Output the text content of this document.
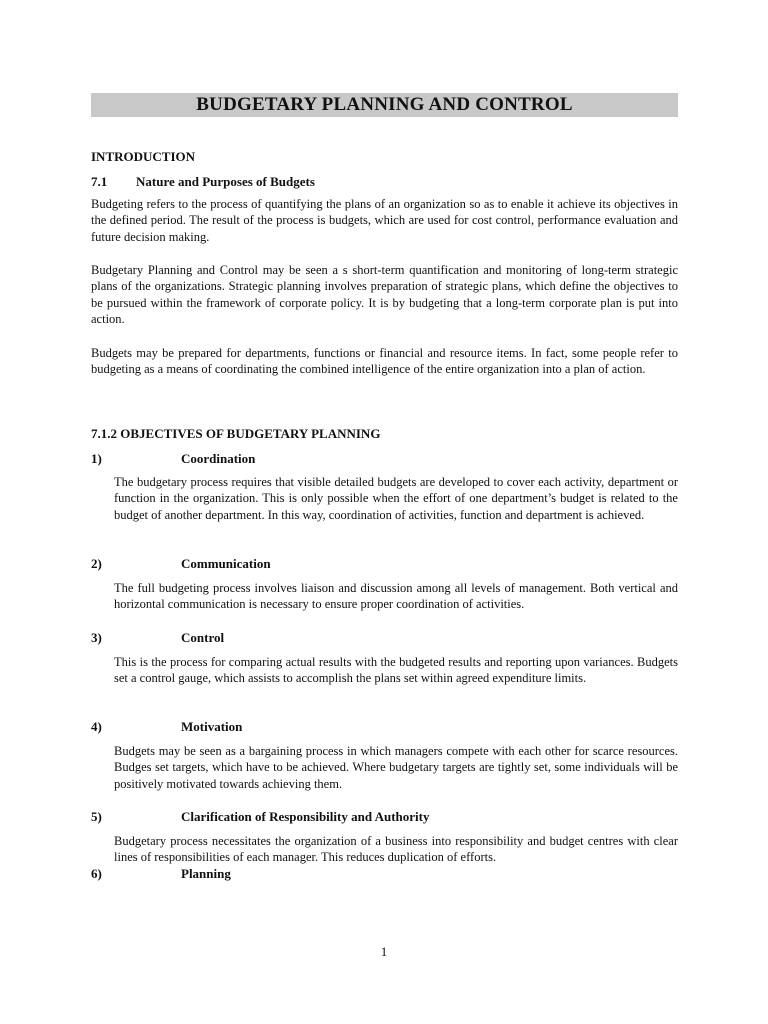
BUDGETARY PLANNING AND CONTROL
INTRODUCTION
7.1 Nature and Purposes of Budgets
Budgeting refers to the process of quantifying the plans of an organization so as to enable it achieve its objectives in the defined period. The result of the process is budgets, which are used for cost control, performance evaluation and future decision making.
Budgetary Planning and Control may be seen a s short-term quantification and monitoring of long-term strategic plans of the organizations. Strategic planning involves preparation of strategic plans, which define the objectives to be pursued within the framework of corporate policy. It is by budgeting that a long-term corporate plan is put into action.
Budgets may be prepared for departments, functions or financial and resource items. In fact, some people refer to budgeting as a means of coordinating the combined intelligence of the entire organization into a plan of action.
7.1.2 OBJECTIVES OF BUDGETARY PLANNING
1)	Coordination
The budgetary process requires that visible detailed budgets are developed to cover each activity, department or function in the organization. This is only possible when the effort of one department’s budget is related to the budget of another department. In this way, coordination of activities, function and department is achieved.
2)	Communication
The full budgeting process involves liaison and discussion among all levels of management. Both vertical and horizontal communication is necessary to ensure proper coordination of activities.
3)	Control
This is the process for comparing actual results with the budgeted results and reporting upon variances. Budgets set a control gauge, which assists to accomplish the plans set within agreed expenditure limits.
4)	Motivation
Budgets may be seen as a bargaining process in which managers compete with each other for scarce resources. Budges set targets, which have to be achieved. Where budgetary targets are tightly set, some individuals will be positively motivated towards achieving them.
5)	Clarification of Responsibility and Authority
Budgetary process necessitates the organization of a business into responsibility and budget centres with clear lines of responsibilities of each manager. This reduces duplication of efforts.
6)	Planning
1
